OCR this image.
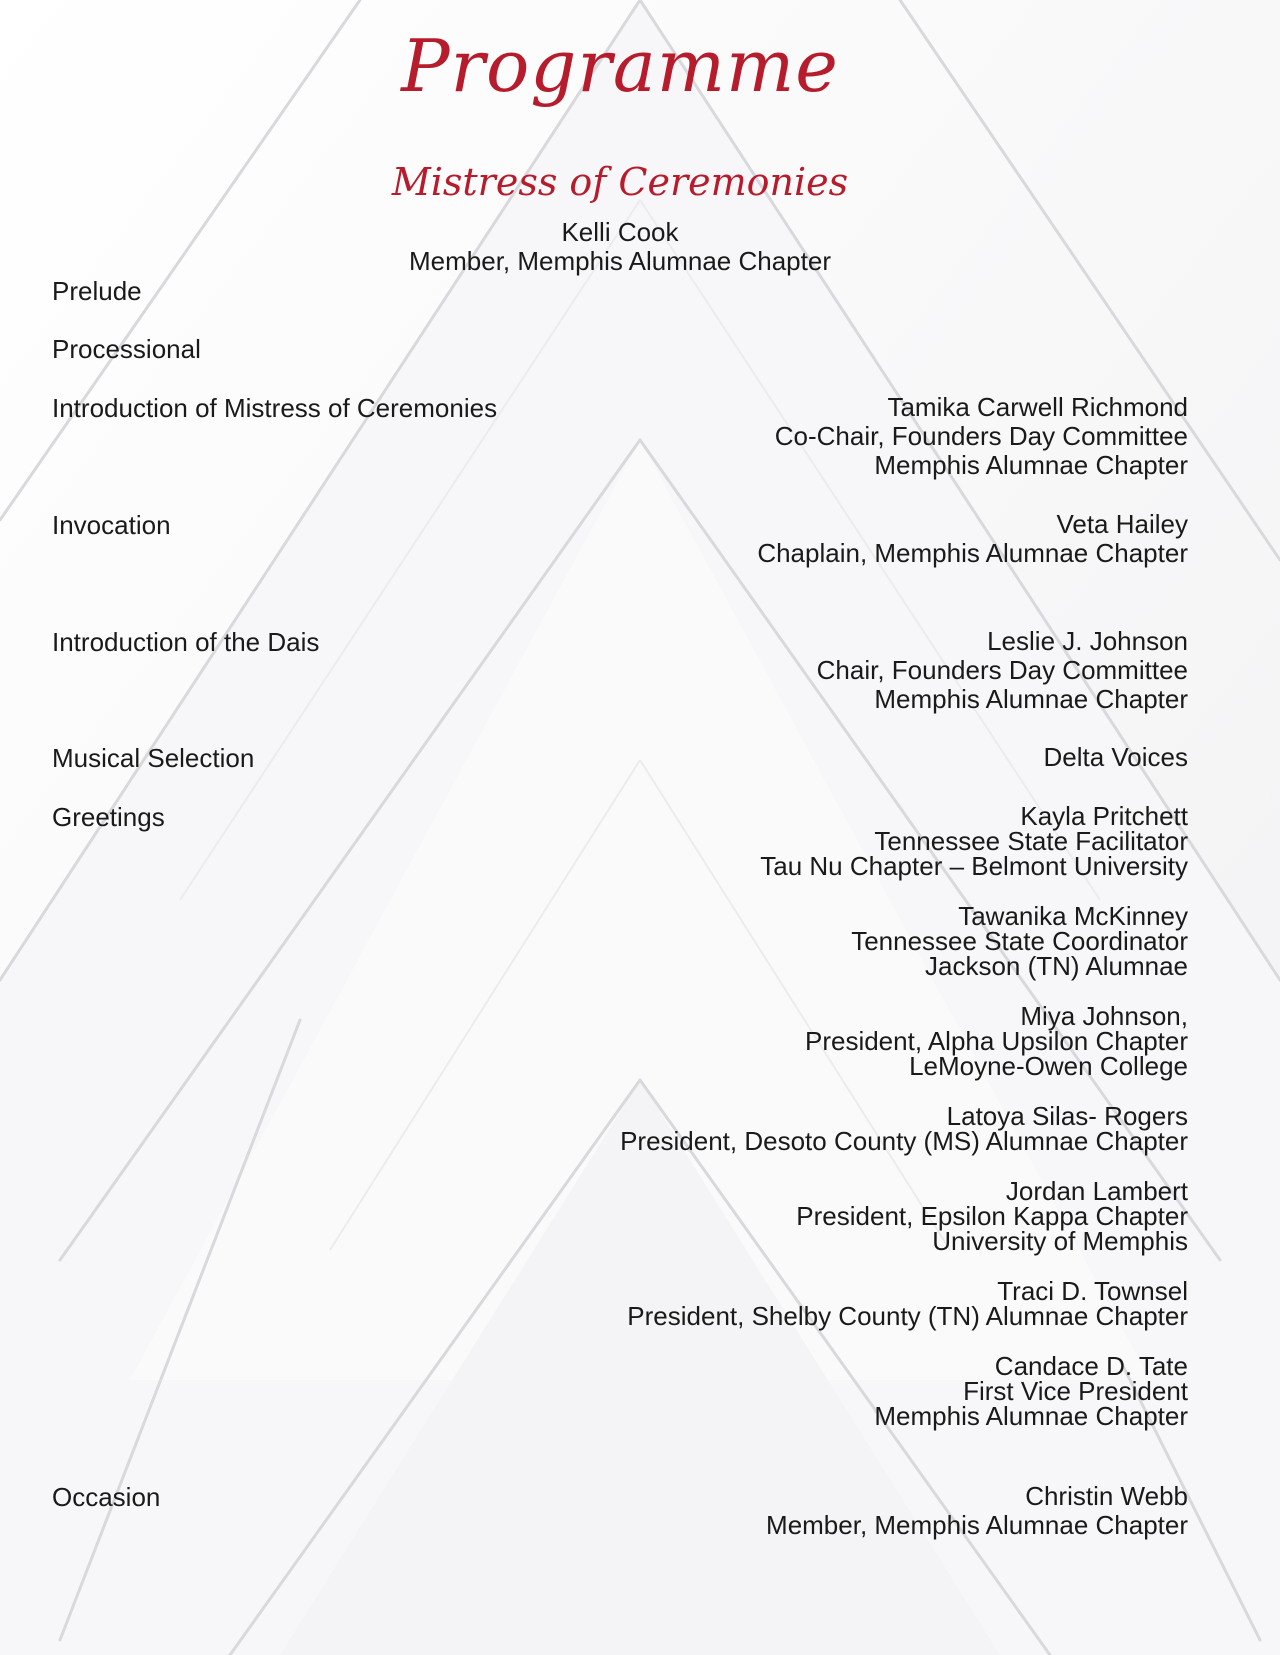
Programme
Mistress of Ceremonies
Kelli Cook
Member, Memphis Alumnae Chapter
Prelude
Processional
Introduction of Mistress of Ceremonies
Invocation
Introduction of the Dais
Musical Selection
Greetings
Occasion
Tamika Carwell Richmond
Co-Chair, Founders Day Committee
Memphis Alumnae Chapter
Veta Hailey
Chaplain, Memphis Alumnae Chapter
Leslie J. Johnson
Chair, Founders Day Committee
Memphis Alumnae Chapter
Delta Voices
Kayla Pritchett
Tennessee State Facilitator
Tau Nu Chapter – Belmont University
Tawanika McKinney
Tennessee State Coordinator
Jackson (TN) Alumnae
Miya Johnson,
President, Alpha Upsilon Chapter
LeMoyne-Owen College
Latoya Silas- Rogers
President, Desoto County (MS) Alumnae Chapter
Jordan Lambert
President, Epsilon Kappa Chapter
University of Memphis
Traci D. Townsel
President, Shelby County (TN) Alumnae Chapter
Candace D. Tate
First Vice President
Memphis Alumnae Chapter
Christin Webb
Member, Memphis Alumnae Chapter
